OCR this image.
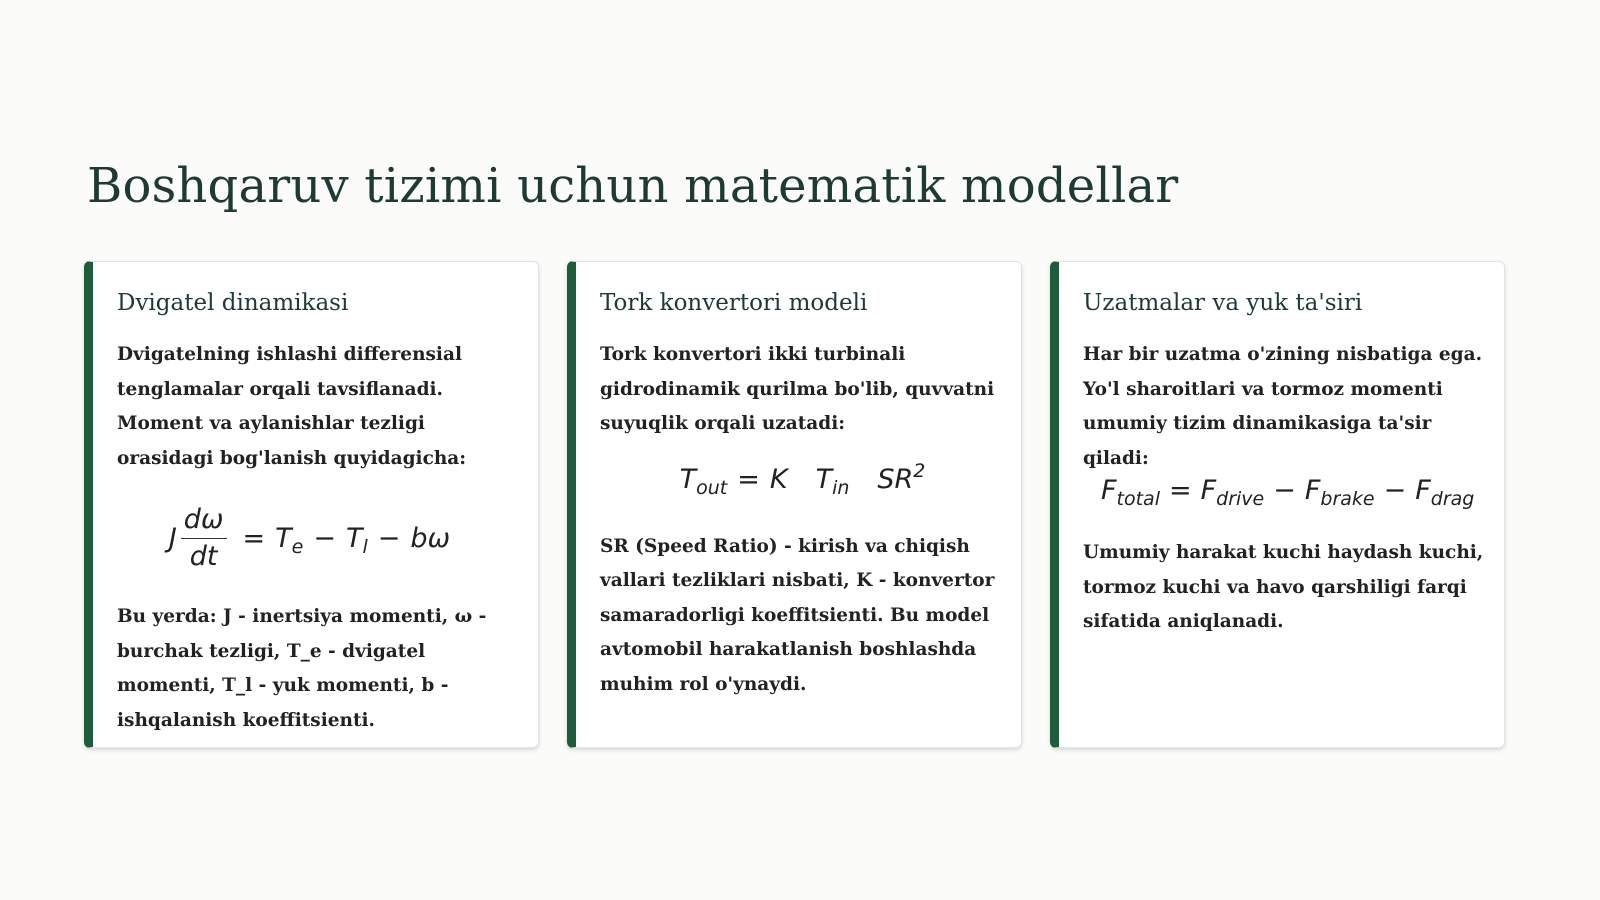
Boshqaruv tizimi uchun matematik modellar
Dvigatel dinamikasi

Dvigatelning ishlashi differensial tenglamalar orqali tavsiflanadi. Moment va aylanishlar tezligi orasidagi bog'lanish quyidagicha:

J $\frac{d\omega}{dt} = T_e - T_l - b\omega$

Bu yerda: J - inertsiya momenti, ω - burchak tezligi, T_e - dvigatel momenti, T_l - yuk momenti, b - ishqalanish koeffitsienti.

Tork konvertori modeli

Tork konvertori ikki turbinali gidrodinamik qurilma bo'lib, quvvatni suyuqlik orqali uzatadi:

$T_{out} = K$ $T_{in}$ $SR^2$

SR (Speed Ratio) - kirish va chiqish vallari tezliklari nisbati, K - konvertor samaradorligi koeffitsienti. Bu model avtomobil harakatlanish boshlashda muhim rol o'ynaydi.

Uzatmalar va yuk ta'siri

Har bir uzatma o'zining nisbatiga ega. Yo'l sharoitlari va tormoz momenti umumiy tizim dinamikasiga ta'sir qiladi:

$F_{total} = F_{drive} - F_{brake} - F_{drag}$

Umumiy harakat kuchi haydash kuchi, tormoz kuchi va havo qarshiligi farqi sifatida aniqlanadi.
